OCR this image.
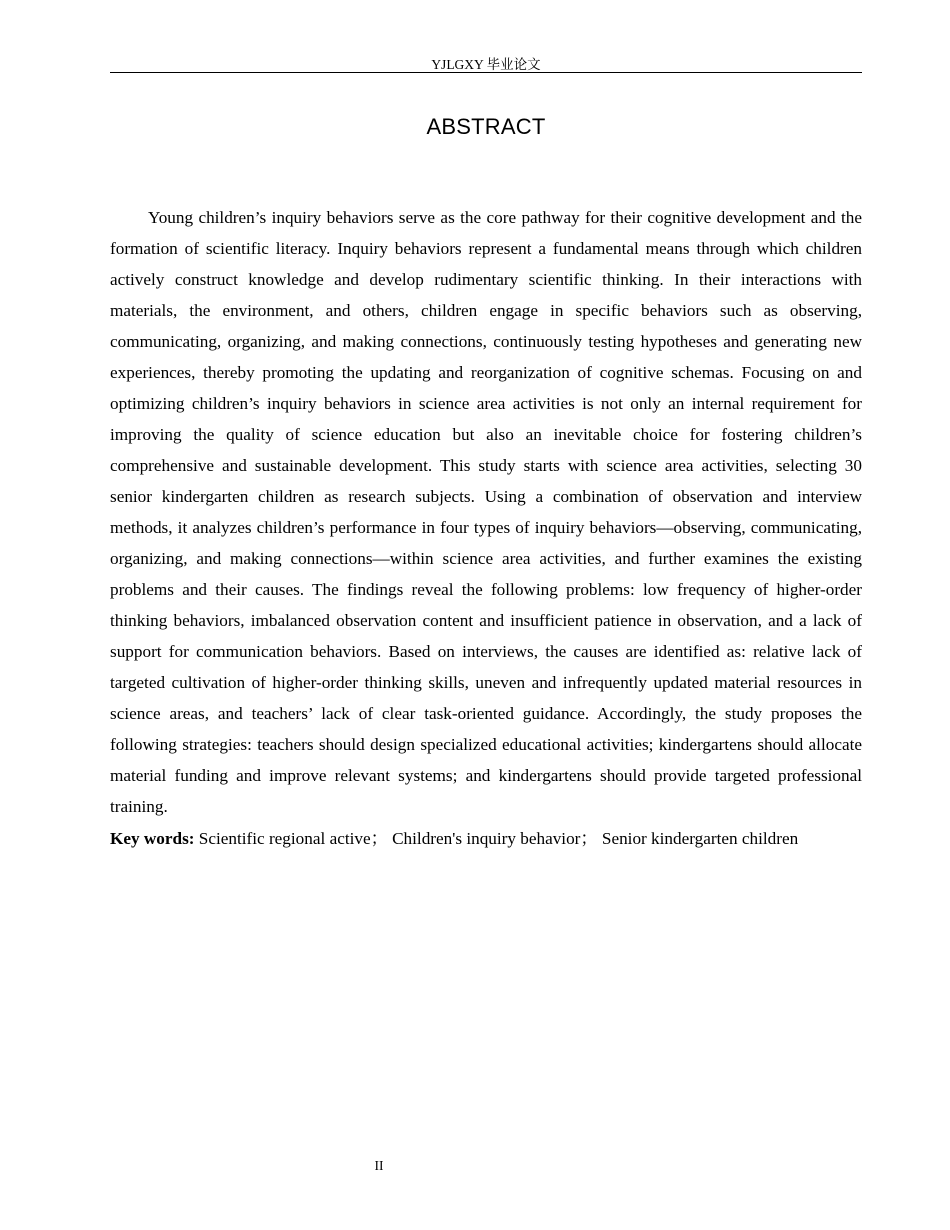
YJLGXY 毕业论文
ABSTRACT

Young children’s inquiry behaviors serve as the core pathway for their cognitive development and the formation of scientific literacy. Inquiry behaviors represent a fundamental means through which children actively construct knowledge and develop rudimentary scientific thinking. In their interactions with materials, the environment, and others, children engage in specific behaviors such as observing, communicating, organizing, and making connections, continuously testing hypotheses and generating new experiences, thereby promoting the updating and reorganization of cognitive schemas. Focusing on and optimizing children’s inquiry behaviors in science area activities is not only an internal requirement for improving the quality of science education but also an inevitable choice for fostering children’s comprehensive and sustainable development. This study starts with science area activities, selecting 30 senior kindergarten children as research subjects. Using a combination of observation and interview methods, it analyzes children’s performance in four types of inquiry behaviors—observing, communicating, organizing, and making connections—within science area activities, and further examines the existing problems and their causes. The findings reveal the following problems: low frequency of higher-order thinking behaviors, imbalanced observation content and insufficient patience in observation, and a lack of support for communication behaviors. Based on interviews, the causes are identified as: relative lack of targeted cultivation of higher-order thinking skills, uneven and infrequently updated material resources in science areas, and teachers’ lack of clear task-oriented guidance. Accordingly, the study proposes the following strategies: teachers should design specialized educational activities; kindergartens should allocate material funding and improve relevant systems; and kindergartens should provide targeted professional training.

Key words: Scientific regional active； Children's inquiry behavior； Senior kindergarten children

II
